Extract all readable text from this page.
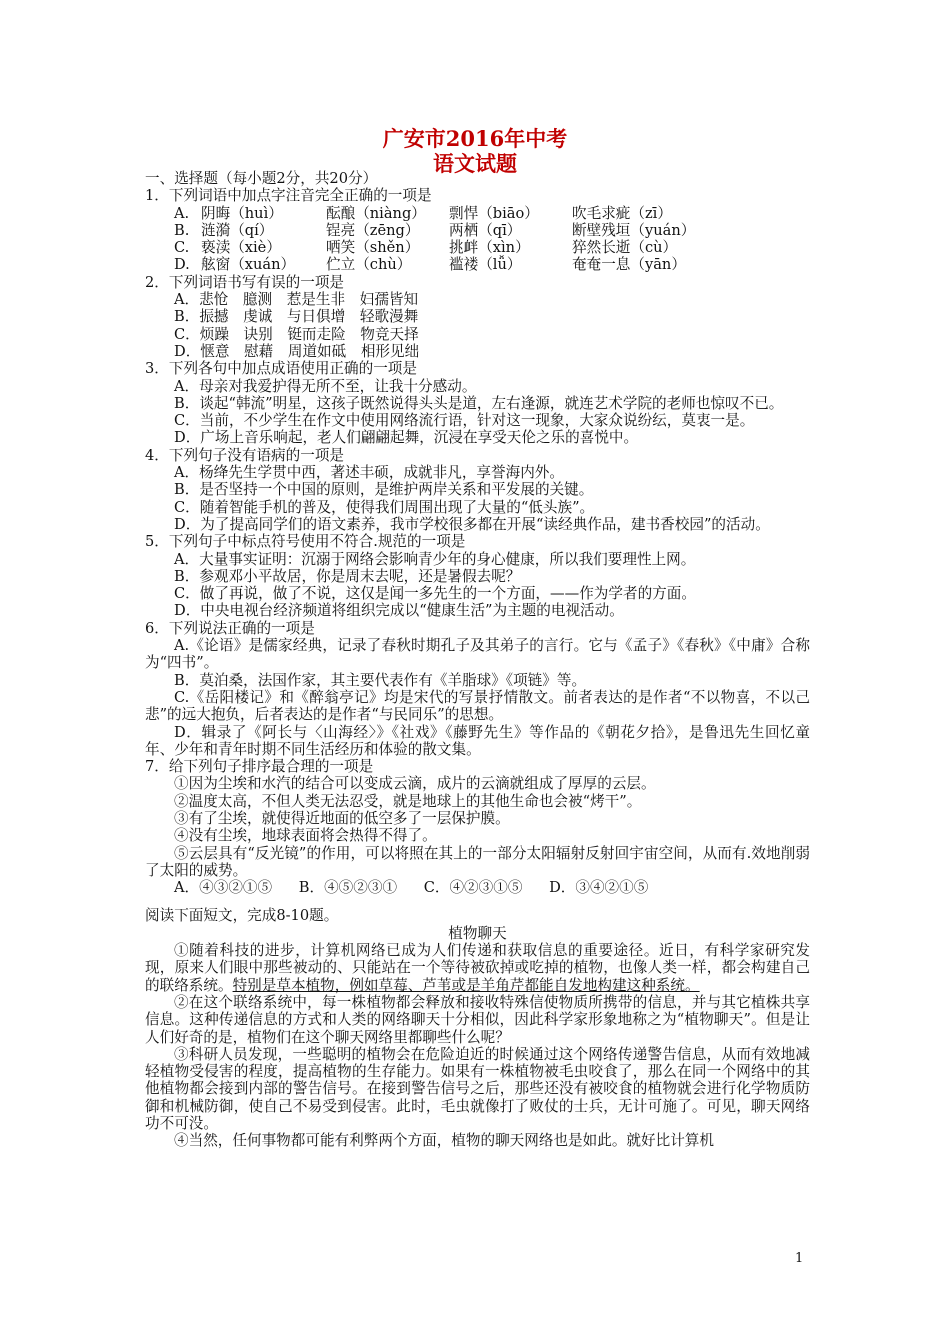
广安市2016年中考
语文试题
一、选择题（每小题2分，共20分）
1．下列词语中加点字注音完全正确的一项是
A. 阴晦（huì）	酝酿（niàng）	剽悍（biāo）	吹毛求疵（zī）
B. 涟漪（qí）	锃亮（zēng）	两栖（qī）	断壁残垣（yuán）
C. 亵渎（xiè）	哂笑（shěn）	挑衅（xìn）	猝然长逝（cù）
D. 舷窗（xuán）	伫立（chù）	褴褛（lǚ）	奄奄一息（yān）
2．下列词语书写有误的一项是
A．悲怆　臆测　惹是生非　妇孺皆知
B．振撼　虔诚　与日俱增　轻歌漫舞
C．烦躁　诀别　铤而走险　物竞天择
D．惬意　慰藉　周道如砥　相形见绌
3．下列各句中加点成语使用正确的一项是
A．母亲对我爱护得无所不至，让我十分感动。
B．谈起“韩流”明星，这孩子既然说得头头是道，左右逢源，就连艺术学院的老师也惊叹不已。
C．当前，不少学生在作文中使用网络流行语，针对这一现象，大家众说纷纭，莫衷一是。
D．广场上音乐响起，老人们翩翩起舞，沉浸在享受天伦之乐的喜悦中。
4．下列句子没有语病的一项是
A．杨绛先生学贯中西，著述丰硕，成就非凡，享誉海内外。
B．是否坚持一个中国的原则，是维护两岸关系和平发展的关键。
C．随着智能手机的普及，使得我们周围出现了大量的“低头族”。
D．为了提高同学们的语文素养，我市学校很多都在开展“读经典作品，建书香校园”的活动。
5．下列句子中标点符号使用不符合.规范的一项是
A．大量事实证明：沉溺于网络会影响青少年的身心健康，所以我们要理性上网。
B．参观邓小平故居，你是周末去呢，还是暑假去呢？
C．做了再说，做了不说，这仅是闻一多先生的一个方面，——作为学者的方面。
D．中央电视台经济频道将组织完成以“健康生活”为主题的电视活动。
6．下列说法正确的一项是
A.《论语》是儒家经典，记录了春秋时期孔子及其弟子的言行。它与《孟子》《春秋》《中庸》合称为“四书”。
B．莫泊桑，法国作家，其主要代表作有《羊脂球》《项链》等。
C.《岳阳楼记》和《醉翁亭记》均是宋代的写景抒情散文。前者表达的是作者“不以物喜，不以己悲”的远大抱负，后者表达的是作者“与民同乐”的思想。
D．辑录了《阿长与〈山海经〉》《社戏》《藤野先生》等作品的《朝花夕拾》，是鲁迅先生回忆童年、少年和青年时期不同生活经历和体验的散文集。
7．给下列句子排序最合理的一项是
①因为尘埃和水汽的结合可以变成云滴，成片的云滴就组成了厚厚的云层。
②温度太高，不但人类无法忍受，就是地球上的其他生命也会被“烤干”。
③有了尘埃，就使得近地面的低空多了一层保护膜。
④没有尘埃，地球表面将会热得不得了。
⑤云层具有“反光镜”的作用，可以将照在其上的一部分太阳辐射反射回宇宙空间，从而有.效地削弱了太阳的威势。
A．④③②①⑤ B．④⑤②③① C．④②③①⑤ D．③④②①⑤
阅读下面短文，完成8-10题。
植物聊天
①随着科技的进步，计算机网络已成为人们传递和获取信息的重要途径。近日，有科学家研究发现，原来人们眼中那些被动的、只能站在一个等待被砍掉或吃掉的植物，也像人类一样，都会构建自己的联络系统。特别是草本植物，例如草莓、芦苇或是羊角芹都能自发地构建这种系统。
②在这个联络系统中，每一株植物都会释放和接收特殊信使物质所携带的信息，并与其它植株共享信息。这种传递信息的方式和人类的网络聊天十分相似，因此科学家形象地称之为“植物聊天”。但是让人们好奇的是，植物们在这个聊天网络里都聊些什么呢？
③科研人员发现，一些聪明的植物会在危险迫近的时候通过这个网络传递警告信息，从而有效地减轻植物受侵害的程度，提高植物的生存能力。如果有一株植物被毛虫咬食了，那么在同一个网络中的其他植物都会接到内部的警告信号。在接到警告信号之后，那些还没有被咬食的植物就会进行化学物质防御和机械防御，使自己不易受到侵害。此时，毛虫就像打了败仗的士兵，无计可施了。可见，聊天网络功不可没。
④当然，任何事物都可能有利弊两个方面，植物的聊天网络也是如此。就好比计算机
1
